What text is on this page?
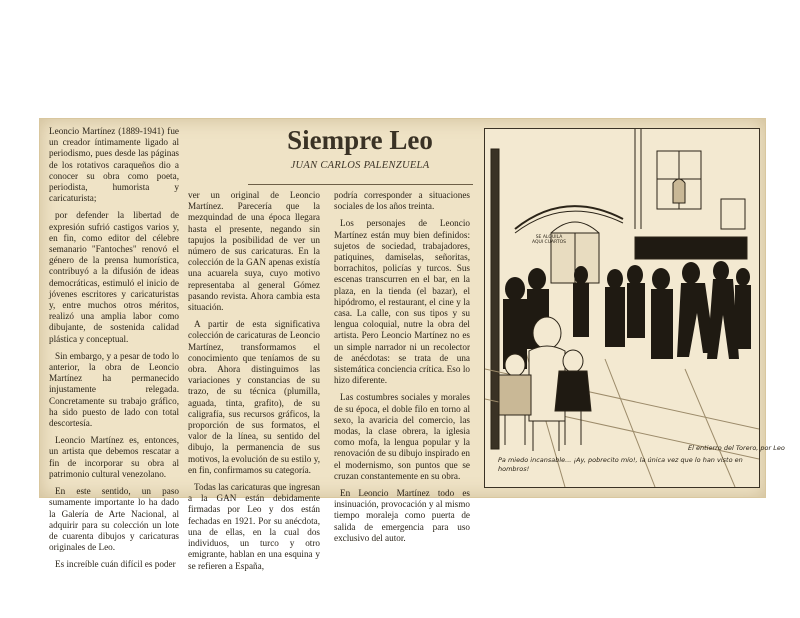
Leoncio Martínez (1889-1941) fue un creador íntimamente ligado al periodismo, pues desde las páginas de los rotativos caraqueños dio a conocer su obra como poeta, periodista, humorista y caricaturista;

por defender la libertad de expresión sufrió castigos varios y, en fin, como editor del célebre semanario "Fantoches" renovó el género de la prensa humorística, contribuyó a la difusión de ideas democráticas, estimuló el inicio de jóvenes escritores y caricaturistas y, entre muchos otros méritos, realizó una amplia labor como dibujante, de sostenida calidad plástica y conceptual.

Sin embargo, y a pesar de todo lo anterior, la obra de Leoncio Martínez ha permanecido injustamente relegada. Concretamente su trabajo gráfico, ha sido puesto de lado con total descortesía.

Leoncio Martínez es, entonces, un artista que debemos rescatar a fin de incorporar su obra al patrimonio cultural venezolano.

En este sentido, un paso sumamente importante lo ha dado la Galería de Arte Nacional, al adquirir para su colección un lote de cuarenta dibujos y caricaturas originales de Leo.

Es increíble cuán difícil es poder

Siempre Leo
JUAN CARLOS PALENZUELA

ver un original de Leoncio Martínez. Parecería que la mezquindad de una época llegara hasta el presente, negando sin tapujos la posibilidad de ver un número de sus caricaturas. En la colección de la GAN apenas existía una acuarela suya, cuyo motivo representaba al general Gómez pasando revista. Ahora cambia esta situación.

A partir de esta significativa colección de caricaturas de Leoncio Martínez, transformamos el conocimiento que teníamos de su obra. Ahora distinguimos las variaciones y constancias de su trazo, de su técnica (plumilla, aguada, tinta, grafito), de su caligrafía, sus recursos gráficos, la proporción de sus formatos, el valor de la línea, su sentido del dibujo, la permanencia de sus motivos, la evolución de su estilo y, en fin, confirmamos su categoría.

Todas las caricaturas que ingresan a la GAN están debidamente firmadas por Leo y dos están fechadas en 1921. Por su anécdota, una de ellas, en la cual dos individuos, un turco y otro emigrante, hablan en una esquina y se refieren a España,

podría corresponder a situaciones sociales de los años treinta.

Los personajes de Leoncio Martínez están muy bien definidos: sujetos de sociedad, trabajadores, patiquines, damiselas, señoritas, borrachitos, policías y turcos. Sus escenas transcurren en el bar, en la plaza, en la tienda (el bazar), el hipódromo, el restaurant, el cine y la casa. La calle, con sus tipos y su lengua coloquial, nutre la obra del artista. Pero Leoncio Martínez no es un simple narrador ni un recolector de anécdotas: se trata de una sistemática conciencia crítica. Eso lo hizo diferente.

Las costumbres sociales y morales de su época, el doble filo en torno al sexo, la avaricia del comercio, las modas, la clase obrera, la iglesia como mofa, la lengua popular y la renovación de su dibujo inspirado en el modernismo, son puntos que se cruzan constantemente en su obra.

En Leoncio Martínez todo es insinuación, provocación y al mismo tiempo moraleja como puerta de salida de emergencia para uso exclusivo del autor.

SE ALQUILA AQUI CUARTOS
El entierro del Torero, por Leo
Pa miedo incansable... ¡Ay, pobrecito mío!, la única vez que lo han visto en hombros!
